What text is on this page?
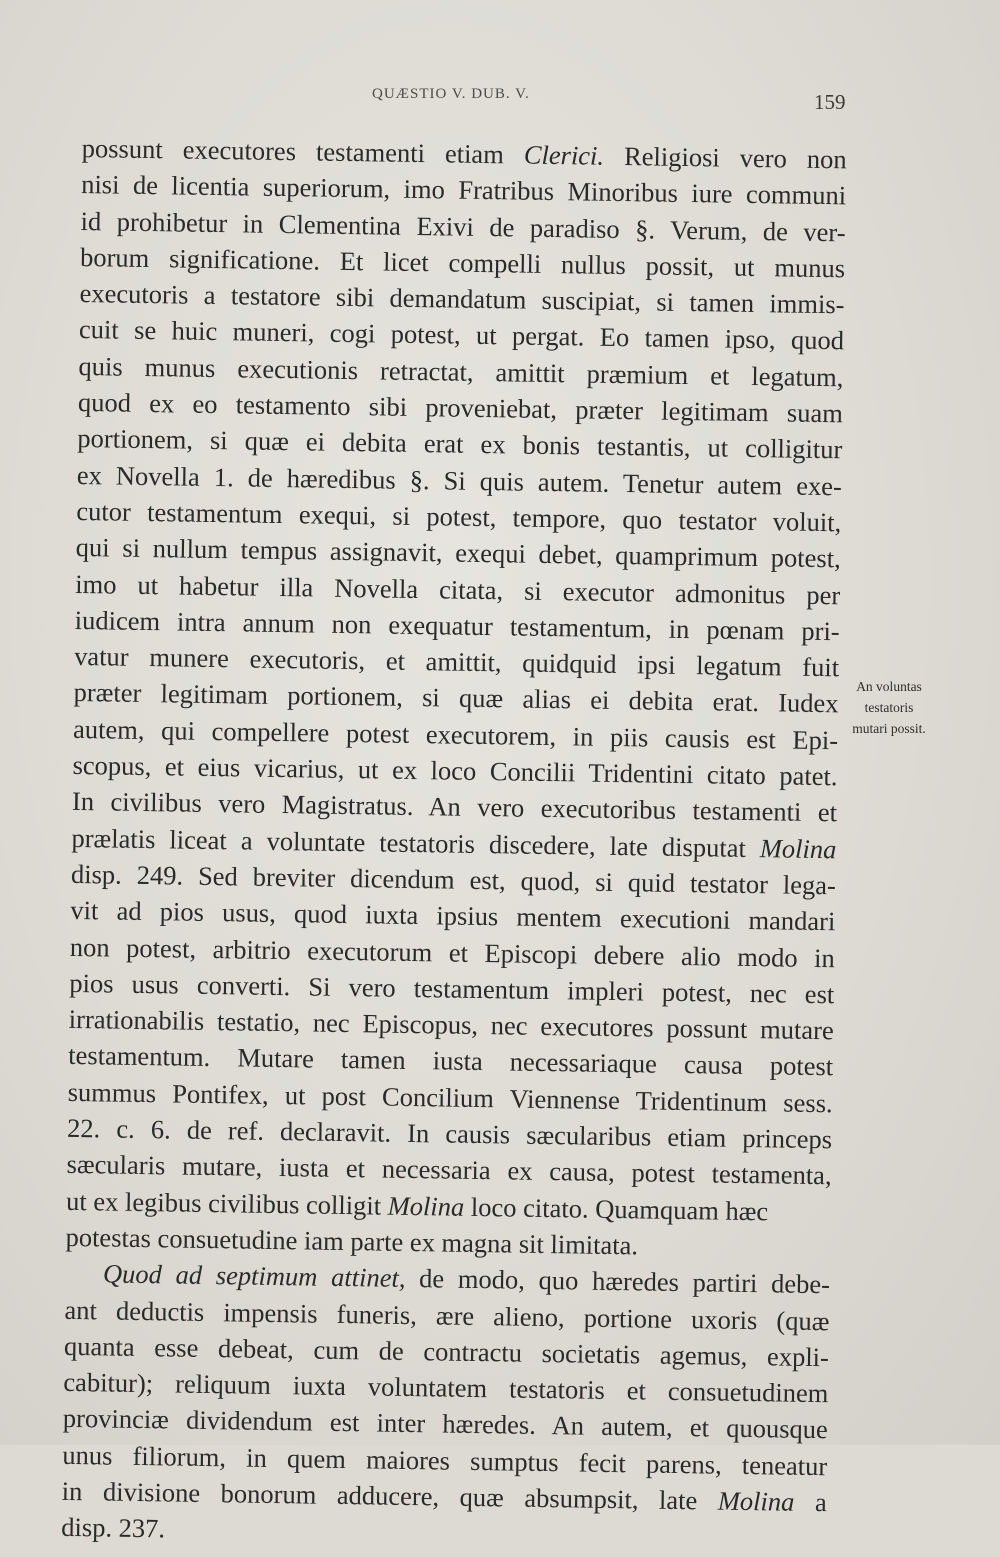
QUÆSTIO V. DUB. V.	159
possunt executores testamenti etiam Clerici. Religiosi vero non
nisi de licentia superiorum, imo Fratribus Minoribus iure communi
id prohibetur in Clementina Exivi de paradiso §. Verum, de ver-
borum significatione. Et licet compelli nullus possit, ut munus
executoris a testatore sibi demandatum suscipiat, si tamen immis-
cuit se huic muneri, cogi potest, ut pergat. Eo tamen ipso, quod
quis munus executionis retractat, amittit præmium et legatum,
quod ex eo testamento sibi proveniebat, præter legitimam suam
portionem, si quæ ei debita erat ex bonis testantis, ut colligitur
ex Novella 1. de hæredibus §. Si quis autem. Tenetur autem exe-
cutor testamentum exequi, si potest, tempore, quo testator voluit,
qui si nullum tempus assignavit, exequi debet, quamprimum potest,
imo ut habetur illa Novella citata, si executor admonitus per
iudicem intra annum non exequatur testamentum, in pœnam pri-
vatur munere executoris, et amittit, quidquid ipsi legatum fuit
præter legitimam portionem, si quæ alias ei debita erat. Iudex
autem, qui compellere potest executorem, in piis causis est Epi-
scopus, et eius vicarius, ut ex loco Concilii Tridentini citato patet.
In civilibus vero Magistratus. An vero executoribus testamenti et
prælatis liceat a voluntate testatoris discedere, late disputat Molina
disp. 249. Sed breviter dicendum est, quod, si quid testator lega-
vit ad pios usus, quod iuxta ipsius mentem executioni mandari
non potest, arbitrio executorum et Episcopi debere alio modo in
pios usus converti. Si vero testamentum impleri potest, nec est
irrationabilis testatio, nec Episcopus, nec executores possunt mutare
testamentum. Mutare tamen iusta necessariaque causa potest
summus Pontifex, ut post Concilium Viennense Tridentinum sess.
22. c. 6. de ref. declaravit. In causis sæcularibus etiam princeps
sæcularis mutare, iusta et necessaria ex causa, potest testamenta,
ut ex legibus civilibus colligit Molina loco citato. Quamquam hæc
potestas consuetudine iam parte ex magna sit limitata.
Quod ad septimum attinet, de modo, quo hæredes partiri debe-
ant deductis impensis funeris, ære alieno, portione uxoris (quæ
quanta esse debeat, cum de contractu societatis agemus, expli-
cabitur); reliquum iuxta voluntatem testatoris et consuetudinem
provinciæ dividendum est inter hæredes. An autem, et quousque
unus filiorum, in quem maiores sumptus fecit parens, teneatur
in divisione bonorum adducere, quæ absumpsit, late Molina a
disp. 237.
An voluntas
testatoris
mutari possit.
